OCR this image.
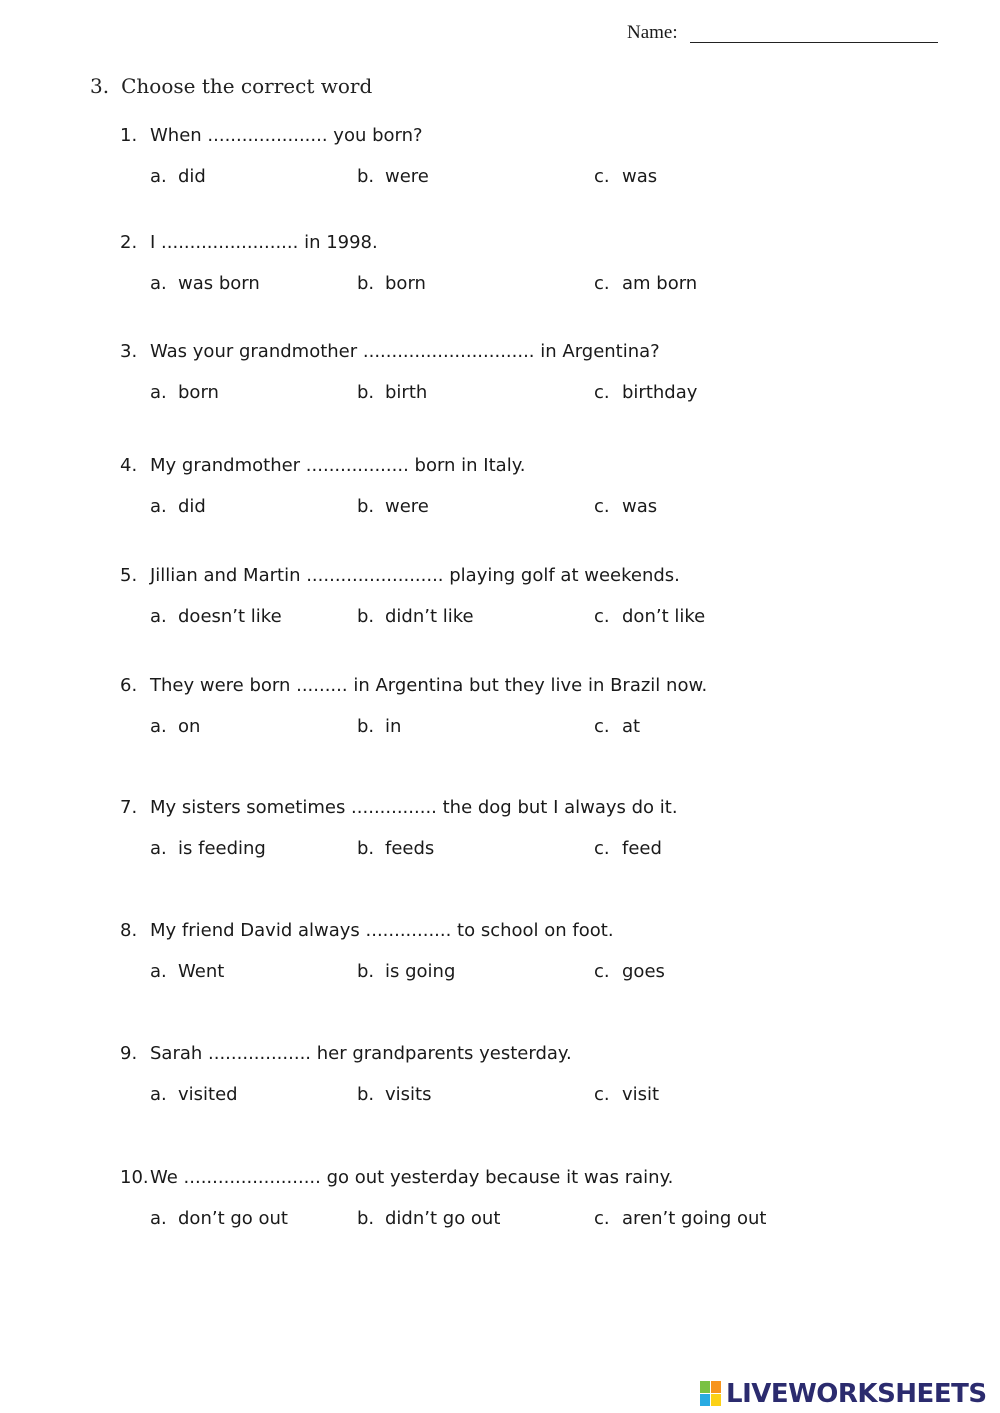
Name:
3. Choose the correct word
1. When ..................... you born?
a. did	b. were	c. was
2. I ........................ in 1998.
a. was born	b. born	c. am born
3. Was your grandmother .............................. in Argentina?
a. born	b. birth	c. birthday
4. My grandmother .................. born in Italy.
a. did	b. were	c. was
5. Jillian and Martin ........................ playing golf at weekends.
a. doesn’t like	b. didn’t like	c. don’t like
6. They were born ......... in Argentina but they live in Brazil now.
a. on	b. in	c. at
7. My sisters sometimes ............... the dog but I always do it.
a. is feeding	b. feeds	c. feed
8. My friend David always ............... to school on foot.
a. Went	b. is going	c. goes
9. Sarah .................. her grandparents yesterday.
a. visited	b. visits	c. visit
10.We ........................ go out yesterday because it was rainy.
a. don’t go out	b. didn’t go out	c. aren’t going out
LIVEWORKSHEETS
